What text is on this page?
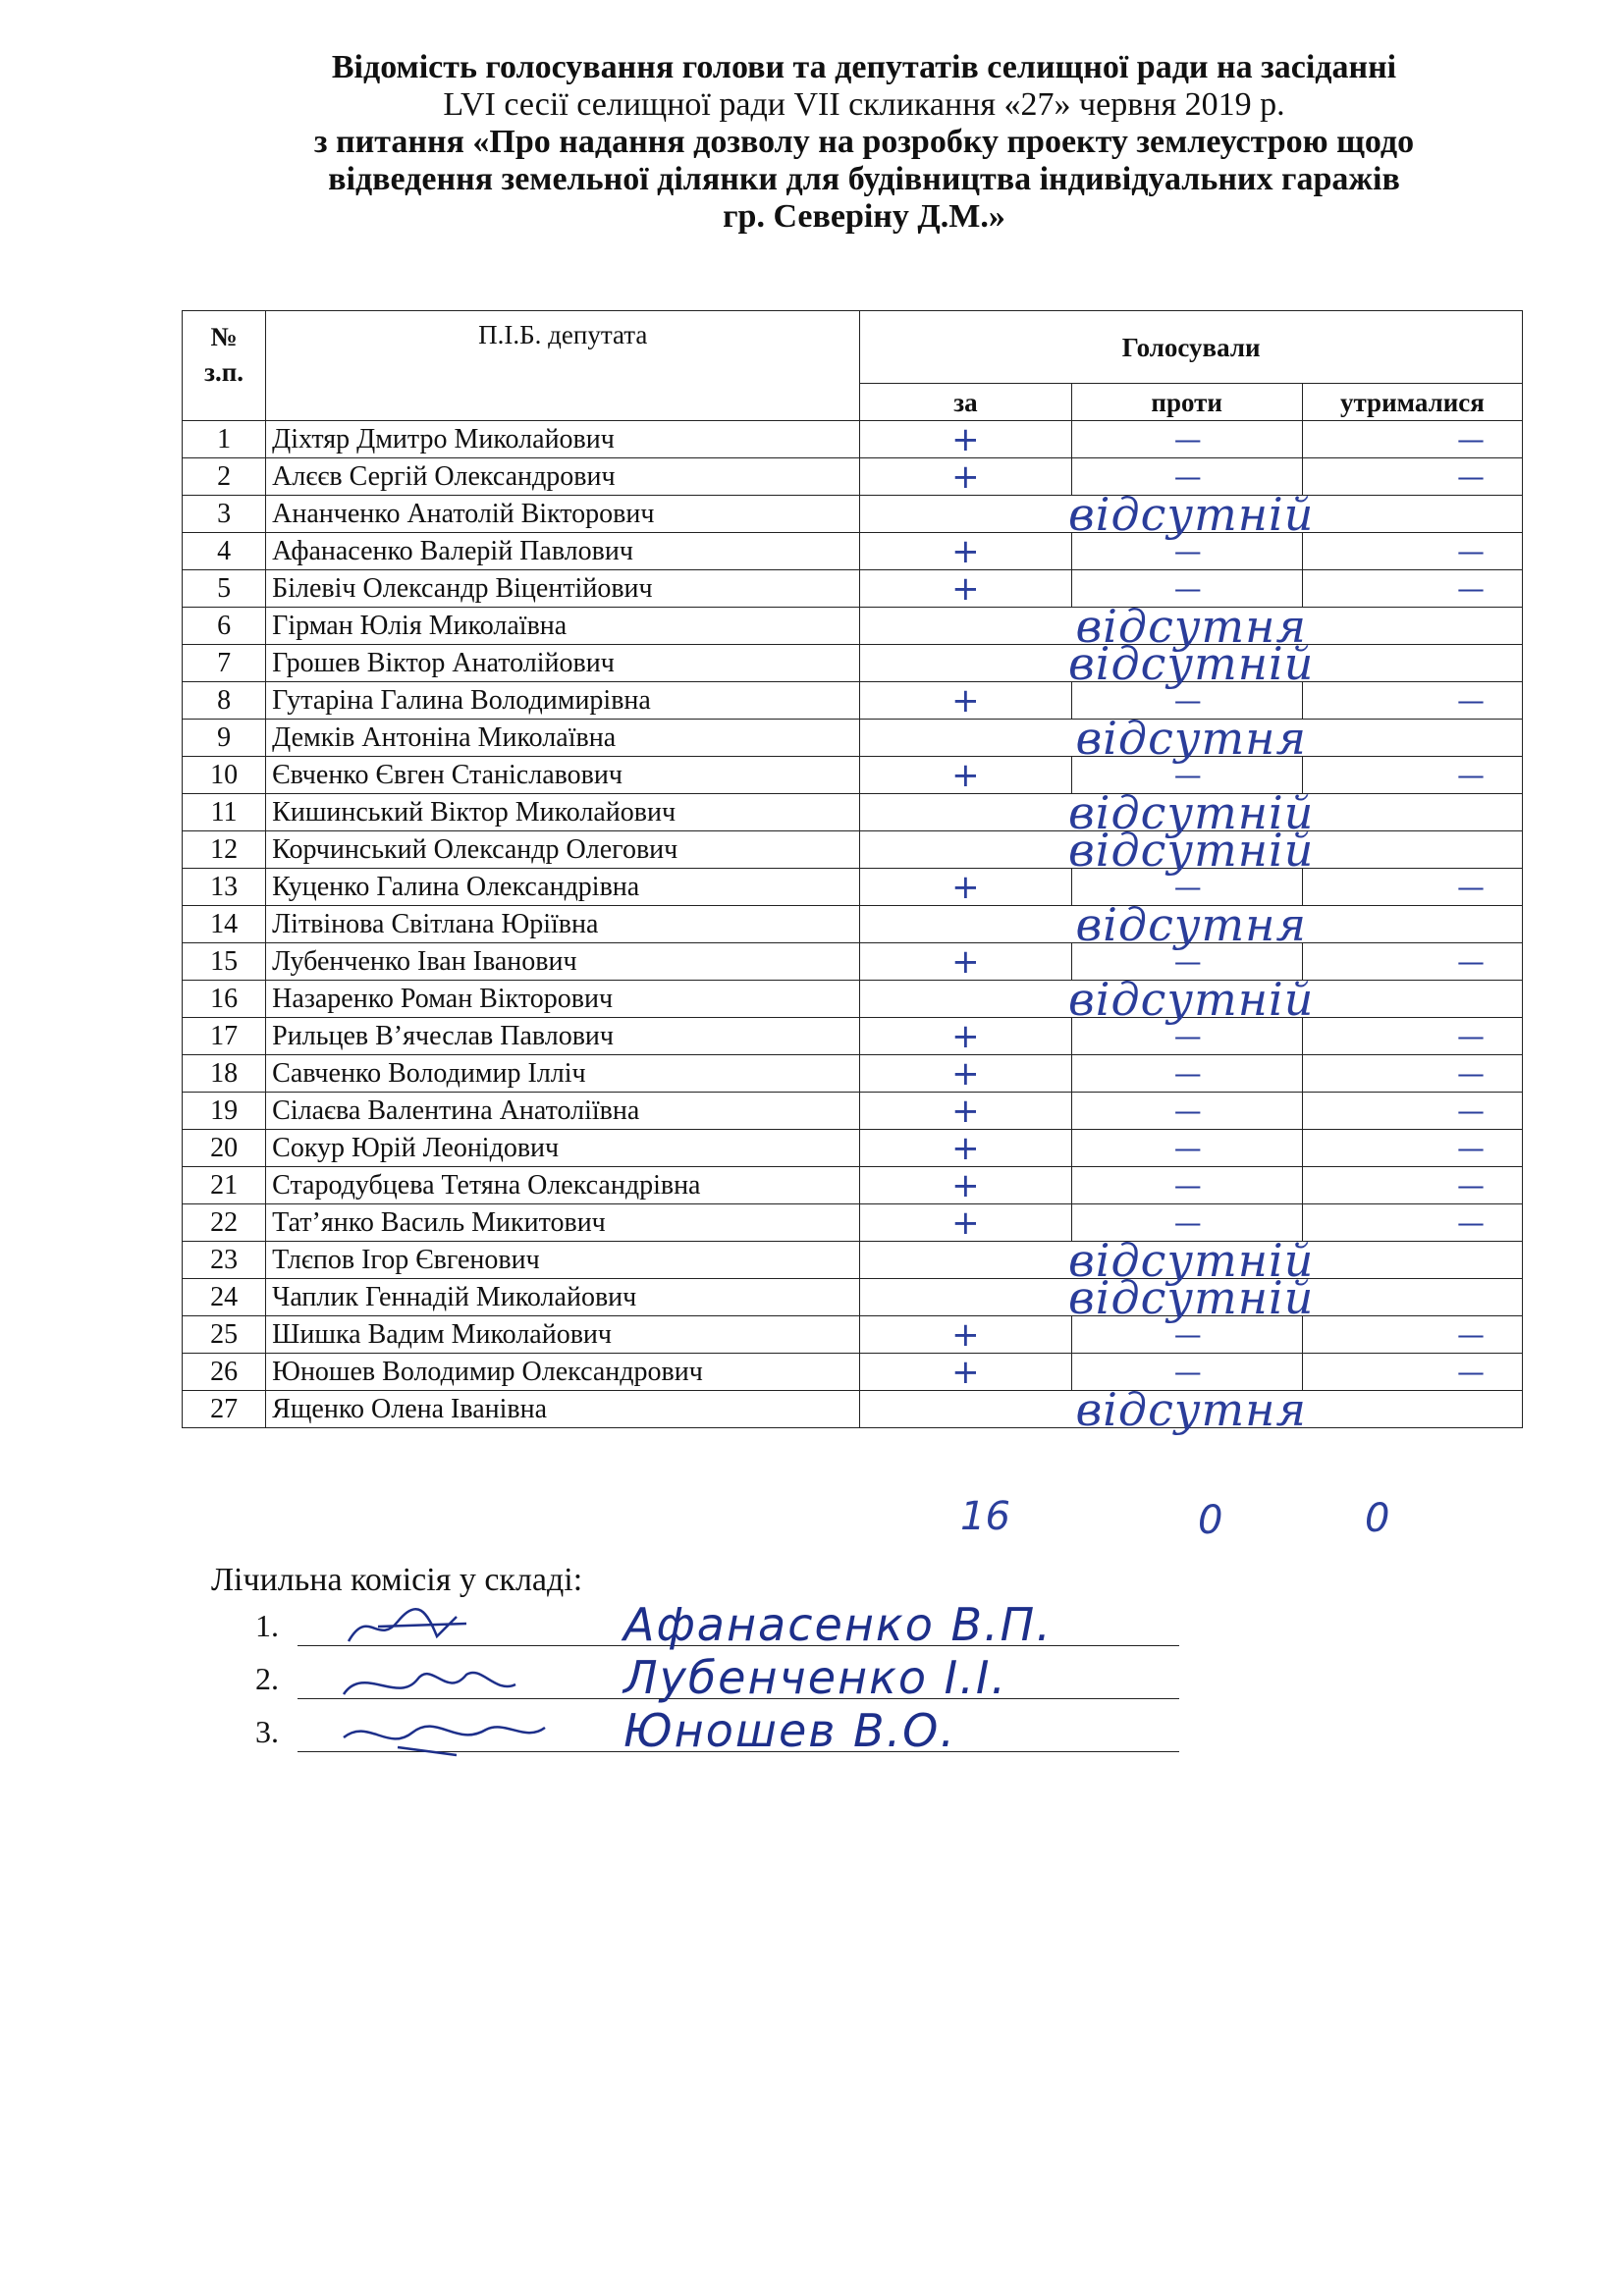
Відомість голосування голови та депутатів селищної ради на засіданні
LVI сесії селищної ради VII скликання «27» червня 2019 р.
з питання «Про надання дозволу на розробку проекту землеустрою щодо
відведення земельної ділянки для будівництва індивідуальних гаражів
гр. Северіну Д.М.»
№ з.п.	П.І.Б. депутата	Голосували		
		за	проти	утрималися
1	Діхтяр Дмитро Миколайович	+	—	—
2	Алєєв Сергій Олександрович	+	—	—
3	Ананченко Анатолій Вікторович	відсутній		
4	Афанасенко Валерій Павлович	+	—	—
5	Білевіч Олександр Віцентійович	+	—	—
6	Гірман Юлія Миколаївна	відсутня		
7	Грошев Віктор Анатолійович	відсутній		
8	Гутаріна Галина Володимирівна	+	—	—
9	Демків Антоніна Миколаївна	відсутня		
10	Євченко Євген Станіславович	+	—	—
11	Кишинський Віктор Миколайович	відсутній		
12	Корчинський Олександр Олегович	відсутній		
13	Куценко Галина Олександрівна	+	—	—
14	Літвінова Світлана Юріївна	відсутня		
15	Лубенченко Іван Іванович	+	—	—
16	Назаренко Роман Вікторович	відсутній		
17	Рильцев В’ячеслав Павлович	+	—	—
18	Савченко Володимир Ілліч	+	—	—
19	Сілаєва Валентина Анатоліївна	+	—	—
20	Сокур Юрій Леонідович	+	—	—
21	Стародубцева Тетяна Олександрівна	+	—	—
22	Тат’янко Василь Микитович	+	—	—
23	Тлєпов Ігор Євгенович	відсутній		
24	Чаплик Геннадій Миколайович	відсутній		
25	Шишка Вадим Миколайович	+	—	—
26	Юношев Володимир Олександрович	+	—	—
27	Ященко Олена Іванівна	відсутня		
16	0	0
Лічильна комісія у складі:
1.	Афанасенко В.П.
2.	Лубенченко І.І.
3.	Юношев В.О.
